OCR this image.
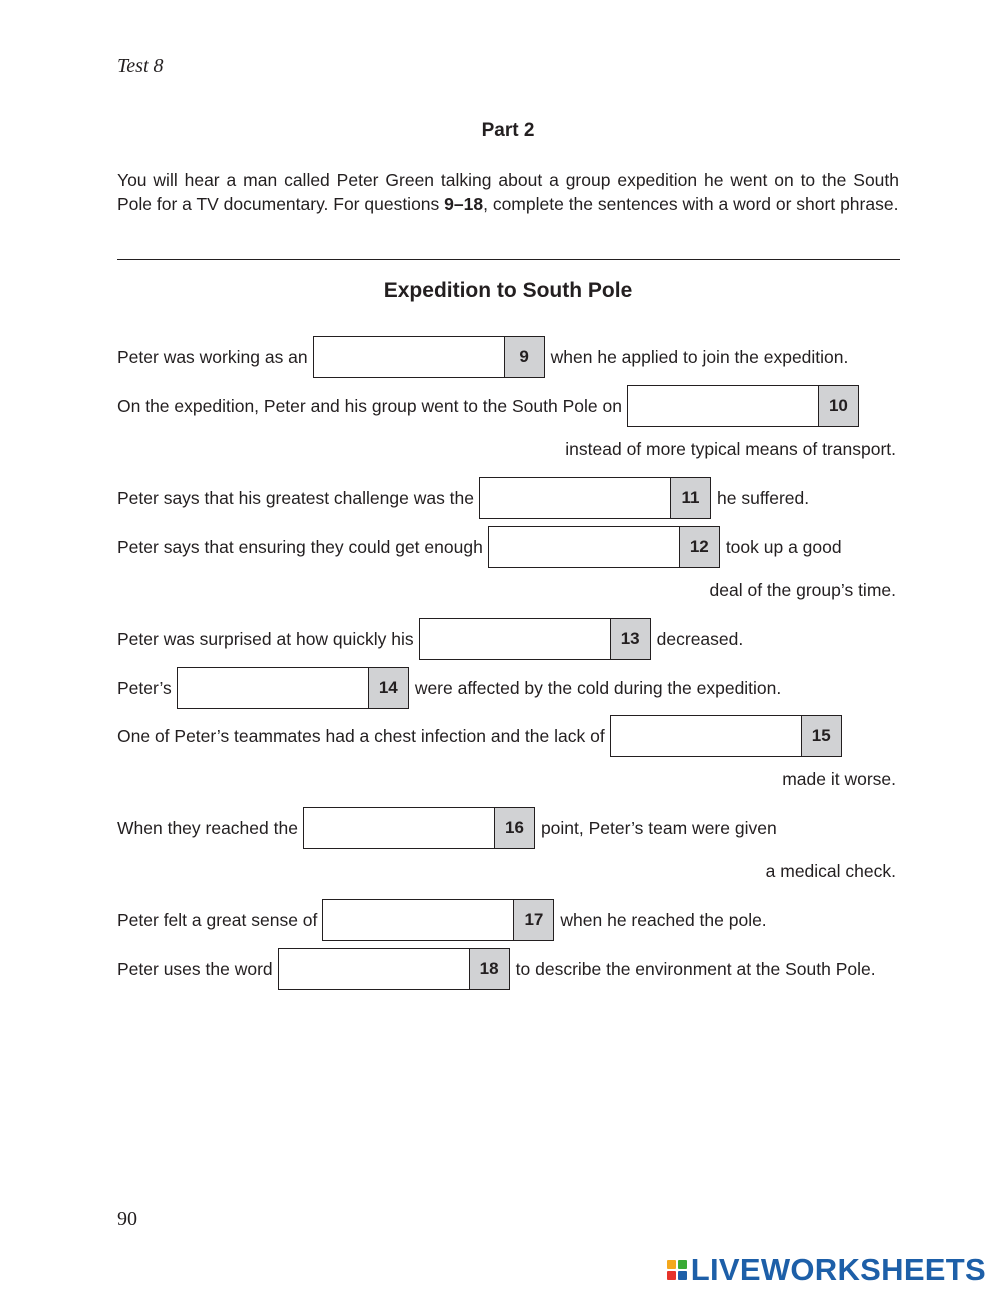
Test 8
Part 2
You will hear a man called Peter Green talking about a group expedition he went on to the South Pole for a TV documentary. For questions 9–18, complete the sentences with a word or short phrase.
Expedition to South Pole
Peter was working as an	9	when he applied to join the expedition.
On the expedition, Peter and his group went to the South Pole on	10
instead of more typical means of transport.
Peter says that his greatest challenge was the	11	he suffered.
Peter says that ensuring they could get enough	12 took up a good
deal of the group’s time.
Peter was surprised at how quickly his	13 decreased.
Peter’s	14 were affected by the cold during the expedition.
One of Peter’s teammates had a chest infection and the lack of	15
made it worse.
When they reached the	16 point, Peter’s team were given
a medical check.
Peter felt a great sense of	17 when he reached the pole.
Peter uses the word	18 to describe the environment at the South Pole.
90
LIVEWORKSHEETS
